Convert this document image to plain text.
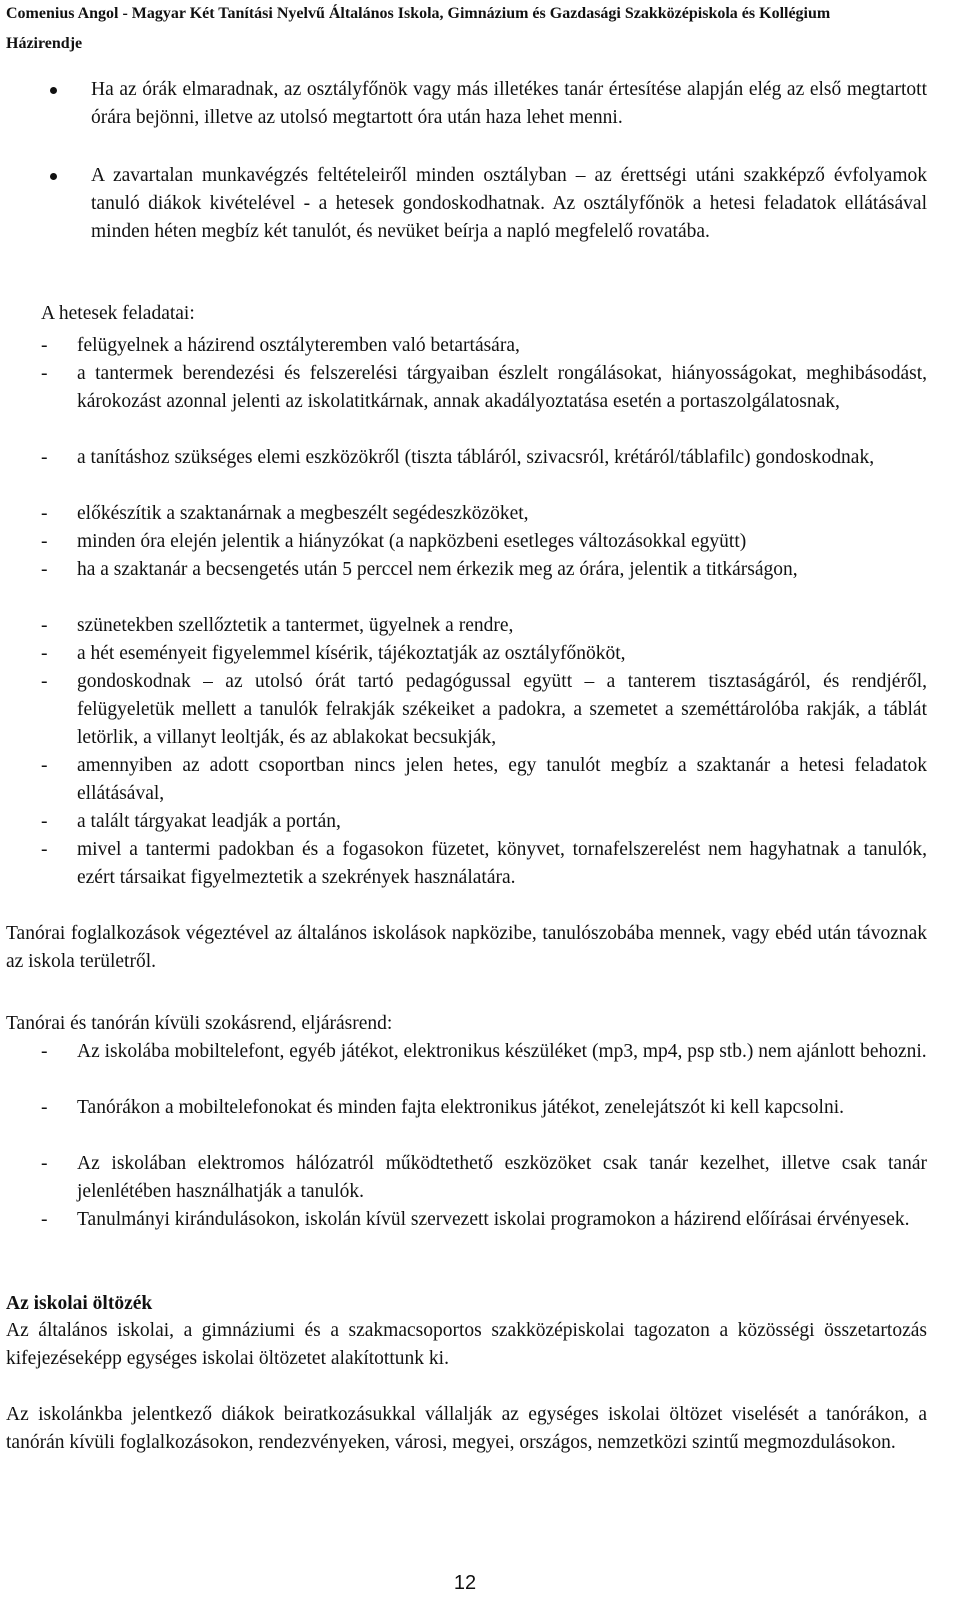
Comenius Angol - Magyar Két Tanítási Nyelvű Általános Iskola, Gimnázium és Gazdasági Szakközépiskola és Kollégium
Házirendje
Ha az órák elmaradnak, az osztályfőnök vagy más illetékes tanár értesítése alapján elég az első megtartott órára bejönni, illetve az utolsó megtartott óra után haza lehet menni.
A zavartalan munkavégzés feltételeiről minden osztályban – az érettségi utáni szakképző évfolyamok tanuló diákok kivételével - a hetesek gondoskodhatnak. Az osztályfőnök a hetesi feladatok ellátásával minden héten megbíz két tanulót, és nevüket beírja a napló megfelelő rovatába.
A hetesek feladatai:
- felügyelnek a házirend osztályteremben való betartására,
- a tantermek berendezési és felszerelési tárgyaiban észlelt rongálásokat, hiányosságokat, meghibásodást, károkozást azonnal jelenti az iskolatitkárnak, annak akadályoztatása esetén a portaszolgálatosnak,
- a tanításhoz szükséges elemi eszközökről (tiszta tábláról, szivacsról, krétáról/táblafilc) gondoskodnak,
- előkészítik a szaktanárnak a megbeszélt segédeszközöket,
- minden óra elején jelentik a hiányzókat (a napközbeni esetleges változásokkal együtt)
- ha a szaktanár a becsengetés után 5 perccel nem érkezik meg az órára, jelentik a titkárságon,
- szünetekben szellőztetik a tantermet, ügyelnek a rendre,
- a hét eseményeit figyelemmel kísérik, tájékoztatják az osztályfőnököt,
- gondoskodnak – az utolsó órát tartó pedagógussal együtt – a tanterem tisztaságáról, és rendjéről, felügyeletük mellett a tanulók felrakják székeiket a padokra, a szemetet a szeméttárolóba rakják, a táblát letörlik, a villanyt leoltják, és az ablakokat becsukják,
- amennyiben az adott csoportban nincs jelen hetes, egy tanulót megbíz a szaktanár a hetesi feladatok ellátásával,
- a talált tárgyakat leadják a portán,
- mivel a tantermi padokban és a fogasokon füzetet, könyvet, tornafelszerelést nem hagyhatnak a tanulók, ezért társaikat figyelmeztetik a szekrények használatára.
Tanórai foglalkozások végeztével az általános iskolások napközibe, tanulószobába mennek, vagy ebéd után távoznak az iskola területről.
Tanórai és tanórán kívüli szokásrend, eljárásrend:
- Az iskolába mobiltelefont, egyéb játékot, elektronikus készüléket (mp3, mp4, psp stb.) nem ajánlott behozni.
- Tanórákon a mobiltelefonokat és minden fajta elektronikus játékot, zenelejátszót ki kell kapcsolni.
- Az iskolában elektromos hálózatról működtethető eszközöket csak tanár kezelhet, illetve csak tanár jelenlétében használhatják a tanulók.
- Tanulmányi kirándulásokon, iskolán kívül szervezett iskolai programokon a házirend előírásai érvényesek.
Az iskolai öltözék
Az általános iskolai, a gimnáziumi és a szakmacsoportos szakközépiskolai tagozaton a közösségi összetartozás kifejezéseképp egységes iskolai öltözetet alakítottunk ki.
Az iskolánkba jelentkező diákok beiratkozásukkal vállalják az egységes iskolai öltözet viselését a tanórákon, a tanórán kívüli foglalkozásokon, rendezvényeken, városi, megyei, országos, nemzetközi szintű megmozdulásokon.
12
